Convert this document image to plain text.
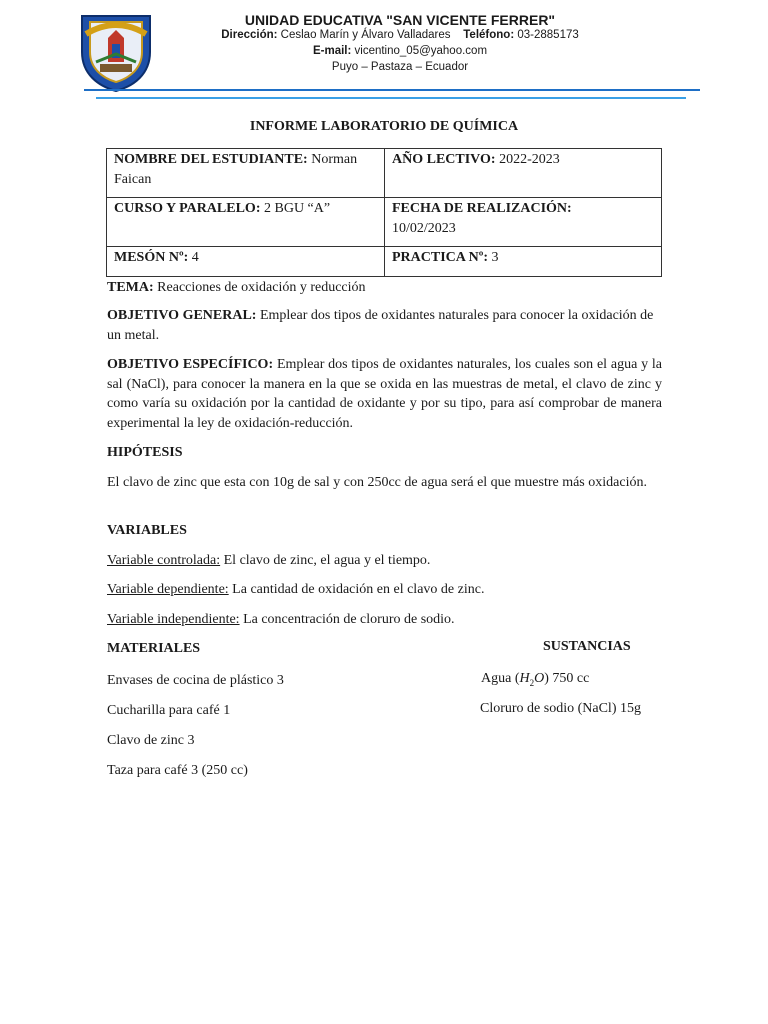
UNIDAD EDUCATIVA "SAN VICENTE FERRER"
Dirección: Ceslao Marín y Álvaro Valladares Teléfono: 03-2885173
E-mail: vicentino_05@yahoo.com
Puyo – Pastaza – Ecuador
INFORME LABORATORIO DE QUÍMICA
NOMBRE DEL ESTUDIANTE: Norman Faican	AÑO LECTIVO: 2022-2023
CURSO Y PARALELO: 2 BGU “A”	FECHA DE REALIZACIÓN:
10/02/2023
MESÓN Nº: 4	PRACTICA Nº: 3
TEMA: Reacciones de oxidación y reducción
OBJETIVO GENERAL: Emplear dos tipos de oxidantes naturales para conocer la oxidación de un metal.
OBJETIVO ESPECÍFICO: Emplear dos tipos de oxidantes naturales, los cuales son el agua y la sal (NaCl), para conocer la manera en la que se oxida en las muestras de metal, el clavo de zinc y como varía su oxidación por la cantidad de oxidante y por su tipo, para así comprobar de manera experimental la ley de oxidación-reducción.
HIPÓTESIS
El clavo de zinc que esta con 10g de sal y con 250cc de agua será el que muestre más oxidación.
VARIABLES
Variable controlada: El clavo de zinc, el agua y el tiempo.
Variable dependiente: La cantidad de oxidación en el clavo de zinc.
Variable independiente: La concentración de cloruro de sodio.
MATERIALES	SUSTANCIAS
Envases de cocina de plástico 3
Cucharilla para café 1
Clavo de zinc 3
Taza para café 3 (250 cc)
Agua $(H_2O)$ 750 cc
Cloruro de sodio (NaCl) 15g
